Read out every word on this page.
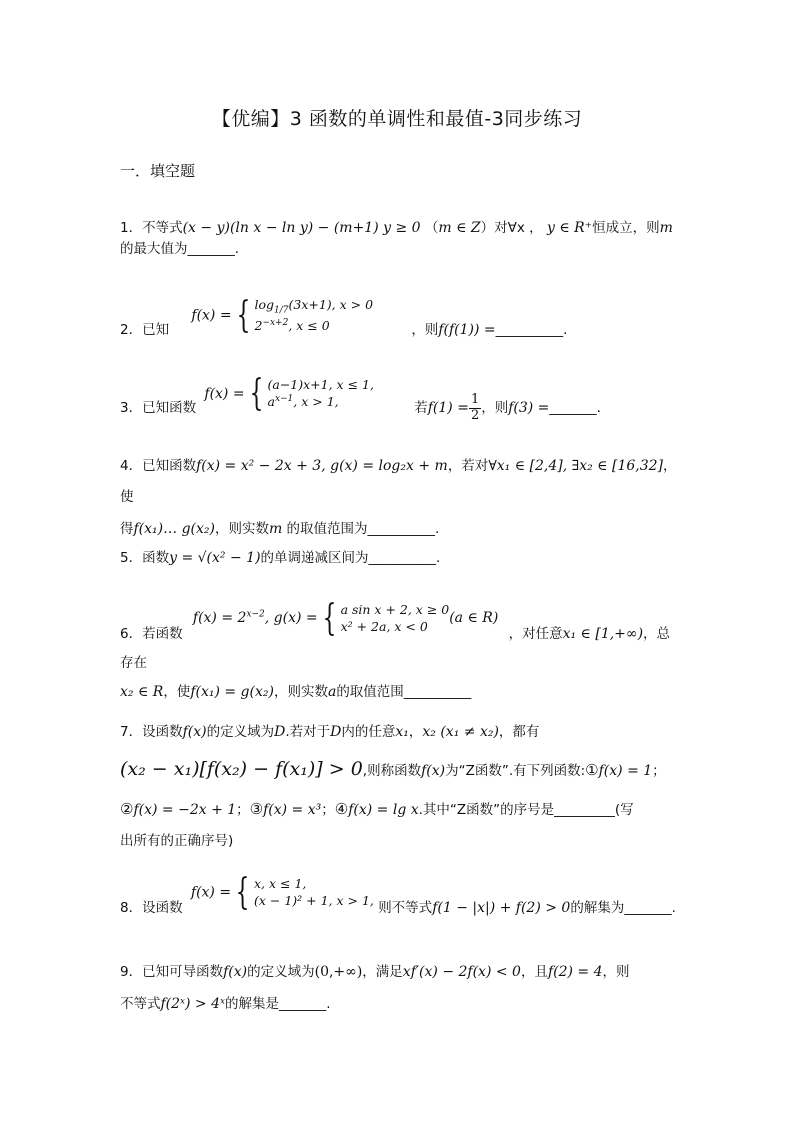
【优编】3 函数的单调性和最值-3同步练习
一．填空题
1．不等式(x − y)(ln x − ln y) − (m+1) y ≥ 0 （m ∈ Z）对∀x ， y ∈ R⁺恒成立，则m
的最大值为_______.
2．已知 f(x) = { $\log_{1/7}(3x+1)$, x > 0
$2^{-x+2}$, x ≤ 0	，则f(f(1)) =__________.
3．已知函数 f(x) = { (a−1)x+1, x ≤ 1,
$a^{x-1}$, x > 1,	若$f(1) = \frac{1}{2}$ ，则f(3) =_______.
4．已知函数f(x) = x² − 2x + 3, g(x) = log₂x + m，若对∀x₁ ∈ [2,4], ∃x₂ ∈ [16,32]，使
得f(x₁)… g(x₂)，则实数m 的取值范围为__________.
5．函数y = √(x² − 1)的单调递减区间为__________.
6．若函数 $f(x) = 2^{x-2}$, g(x) = { a sin x + 2, x ≥ 0
x² + 2a, x < 0
(a ∈ R) ，对任意x₁ ∈ [1,+∞)，总存在
x₂ ∈ R，使f(x₁) = g(x₂)，则实数a的取值范围__________
7．设函数f(x)的定义域为D.若对于D内的任意x₁，x₂ (x₁ ≠ x₂)，都有
(x₂ − x₁)[f(x₂) − f(x₁)] > 0,则称函数f(x)为“Z函数”.有下列函数:①f(x) = 1；
②f(x) = −2x + 1；③f(x) = x³；④f(x) = lg x.其中“Z函数”的序号是_________(写
出所有的正确序号)
8．设函数 f(x) = { x, x ≤ 1,
(x − 1)² + 1, x > 1, 则不等式f(1 − |x|) + f(2) > 0的解集为_______.
9．已知可导函数f(x)的定义域为(0,+∞)，满足xf′(x) − 2f(x) < 0，且f(2) = 4，则
不等式f(2ˣ) > 4ˣ的解集是_______.
